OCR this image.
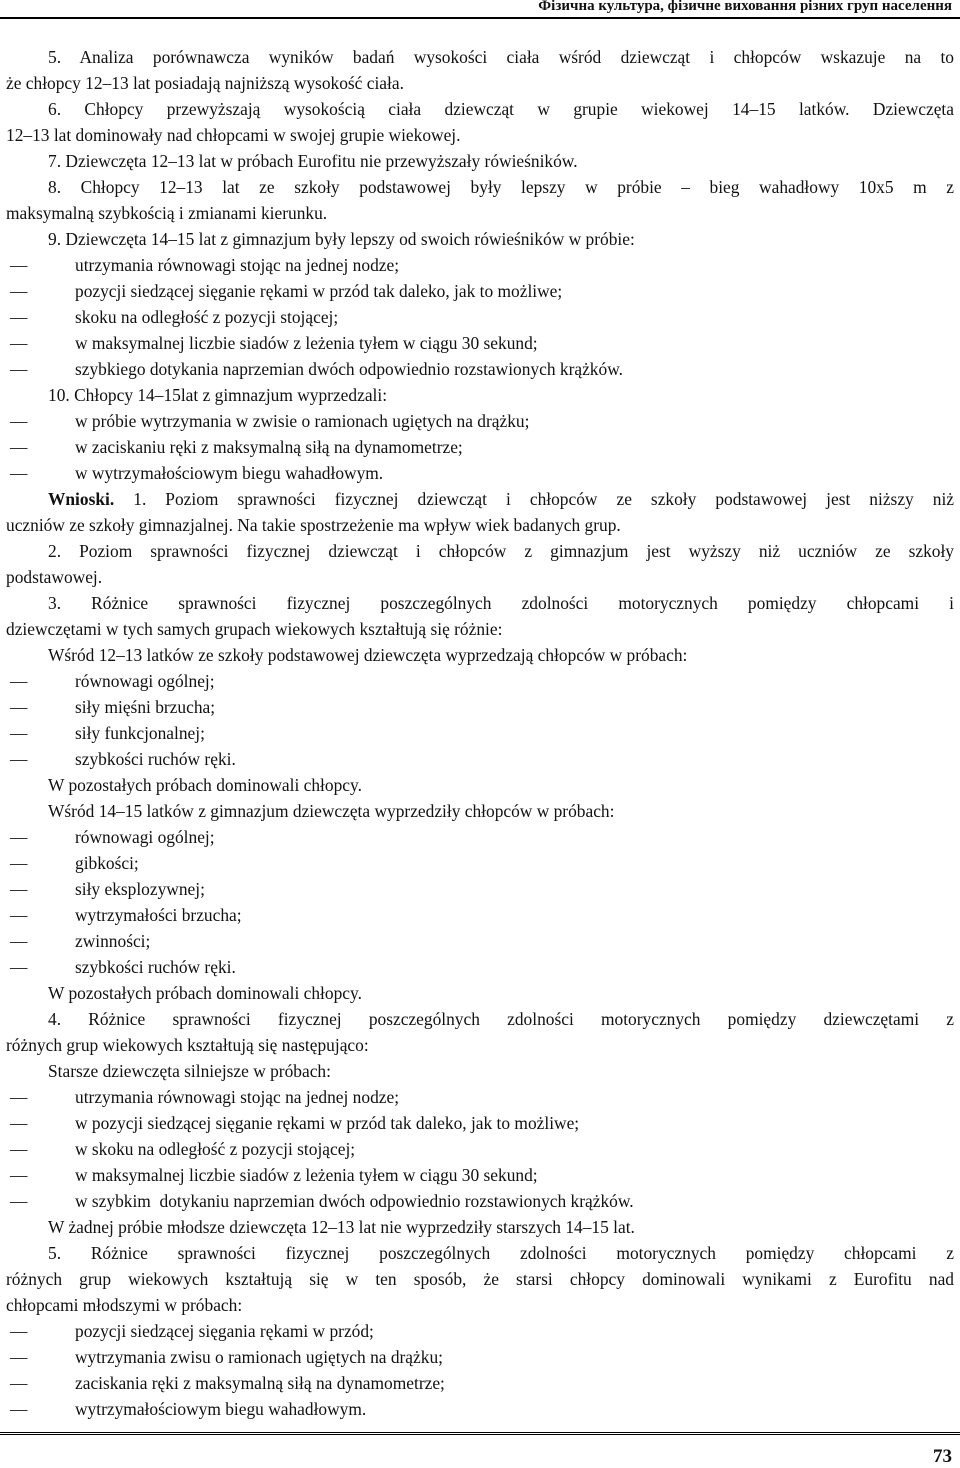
Фізична культура, фізичне виховання різних груп населення
5. Analiza porównawcza wyników badań wysokości ciała wśród dziewcząt i chłopców wskazuje na to
że chłopcy 12–13 lat posiadają najniższą wysokość ciała.
6. Chłopcy przewyższają wysokością ciała dziewcząt w grupie wiekowej 14–15 latków. Dziewczęta
12–13 lat dominowały nad chłopcami w swojej grupie wiekowej.
7. Dziewczęta 12–13 lat w próbach Eurofitu nie przewyższały rówieśników.
8. Chłopcy 12–13 lat ze szkoły podstawowej były lepszy w próbie – bieg wahadłowy 10x5 m z
maksymalną szybkością i zmianami kierunku.
9. Dziewczęta 14–15 lat z gimnazjum były lepszy od swoich rówieśników w próbie:
— utrzymania równowagi stojąc na jednej nodze;
— pozycji siedzącej sięganie rękami w przód tak daleko, jak to możliwe;
— skoku na odległość z pozycji stojącej;
— w maksymalnej liczbie siadów z leżenia tyłem w ciągu 30 sekund;
— szybkiego dotykania naprzemian dwóch odpowiednio rozstawionych krążków.
10. Chłopcy 14–15lat z gimnazjum wyprzedzali:
— w próbie wytrzymania w zwisie o ramionach ugiętych na drążku;
— w zaciskaniu ręki z maksymalną siłą na dynamometrze;
— w wytrzymałościowym biegu wahadłowym.
Wnioski. 1. Poziom sprawności fizycznej dziewcząt i chłopców ze szkoły podstawowej jest niższy niż
uczniów ze szkoły gimnazjalnej. Na takie spostrzeżenie ma wpływ wiek badanych grup.
2. Poziom sprawności fizycznej dziewcząt i chłopców z gimnazjum jest wyższy niż uczniów ze szkoły
podstawowej.
3. Różnice sprawności fizycznej poszczególnych zdolności motorycznych pomiędzy chłopcami i
dziewczętami w tych samych grupach wiekowych kształtują się różnie:
Wśród 12–13 latków ze szkoły podstawowej dziewczęta wyprzedzają chłopców w próbach:
— równowagi ogólnej;
— siły mięśni brzucha;
— siły funkcjonalnej;
— szybkości ruchów ręki.
W pozostałych próbach dominowali chłopcy.
Wśród 14–15 latków z gimnazjum dziewczęta wyprzedziły chłopców w próbach:
— równowagi ogólnej;
— gibkości;
— siły eksplozywnej;
— wytrzymałości brzucha;
— zwinności;
— szybkości ruchów ręki.
W pozostałych próbach dominowali chłopcy.
4. Różnice sprawności fizycznej poszczególnych zdolności motorycznych pomiędzy dziewczętami z
różnych grup wiekowych kształtują się następująco:
Starsze dziewczęta silniejsze w próbach:
— utrzymania równowagi stojąc na jednej nodze;
— w pozycji siedzącej sięganie rękami w przód tak daleko, jak to możliwe;
— w skoku na odległość z pozycji stojącej;
— w maksymalnej liczbie siadów z leżenia tyłem w ciągu 30 sekund;
— w szybkim  dotykaniu naprzemian dwóch odpowiednio rozstawionych krążków.
W żadnej próbie młodsze dziewczęta 12–13 lat nie wyprzedziły starszych 14–15 lat.
5. Różnice sprawności fizycznej poszczególnych zdolności motorycznych pomiędzy chłopcami z
różnych grup wiekowych kształtują się w ten sposób, że starsi chłopcy dominowali wynikami z Eurofitu nad
chłopcami młodszymi w próbach:
— pozycji siedzącej sięgania rękami w przód;
— wytrzymania zwisu o ramionach ugiętych na drążku;
— zaciskania ręki z maksymalną siłą na dynamometrze;
— wytrzymałościowym biegu wahadłowym.
73
